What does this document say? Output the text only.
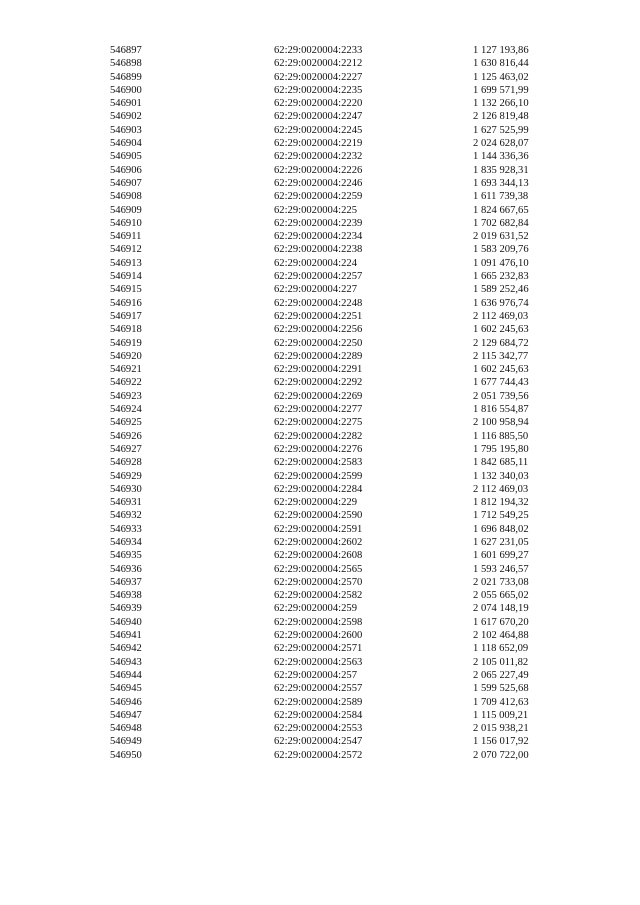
546897	62:29:0020004:2233	1 127 193,86
546898	62:29:0020004:2212	1 630 816,44
546899	62:29:0020004:2227	1 125 463,02
546900	62:29:0020004:2235	1 699 571,99
546901	62:29:0020004:2220	1 132 266,10
546902	62:29:0020004:2247	2 126 819,48
546903	62:29:0020004:2245	1 627 525,99
546904	62:29:0020004:2219	2 024 628,07
546905	62:29:0020004:2232	1 144 336,36
546906	62:29:0020004:2226	1 835 928,31
546907	62:29:0020004:2246	1 693 344,13
546908	62:29:0020004:2259	1 611 739,38
546909	62:29:0020004:225	1 824 667,65
546910	62:29:0020004:2239	1 702 682,84
546911	62:29:0020004:2234	2 019 631,52
546912	62:29:0020004:2238	1 583 209,76
546913	62:29:0020004:224	1 091 476,10
546914	62:29:0020004:2257	1 665 232,83
546915	62:29:0020004:227	1 589 252,46
546916	62:29:0020004:2248	1 636 976,74
546917	62:29:0020004:2251	2 112 469,03
546918	62:29:0020004:2256	1 602 245,63
546919	62:29:0020004:2250	2 129 684,72
546920	62:29:0020004:2289	2 115 342,77
546921	62:29:0020004:2291	1 602 245,63
546922	62:29:0020004:2292	1 677 744,43
546923	62:29:0020004:2269	2 051 739,56
546924	62:29:0020004:2277	1 816 554,87
546925	62:29:0020004:2275	2 100 958,94
546926	62:29:0020004:2282	1 116 885,50
546927	62:29:0020004:2276	1 795 195,80
546928	62:29:0020004:2583	1 842 685,11
546929	62:29:0020004:2599	1 132 340,03
546930	62:29:0020004:2284	2 112 469,03
546931	62:29:0020004:229	1 812 194,32
546932	62:29:0020004:2590	1 712 549,25
546933	62:29:0020004:2591	1 696 848,02
546934	62:29:0020004:2602	1 627 231,05
546935	62:29:0020004:2608	1 601 699,27
546936	62:29:0020004:2565	1 593 246,57
546937	62:29:0020004:2570	2 021 733,08
546938	62:29:0020004:2582	2 055 665,02
546939	62:29:0020004:259	2 074 148,19
546940	62:29:0020004:2598	1 617 670,20
546941	62:29:0020004:2600	2 102 464,88
546942	62:29:0020004:2571	1 118 652,09
546943	62:29:0020004:2563	2 105 011,82
546944	62:29:0020004:257	2 065 227,49
546945	62:29:0020004:2557	1 599 525,68
546946	62:29:0020004:2589	1 709 412,63
546947	62:29:0020004:2584	1 115 009,21
546948	62:29:0020004:2553	2 015 938,21
546949	62:29:0020004:2547	1 156 017,92
546950	62:29:0020004:2572	2 070 722,00
